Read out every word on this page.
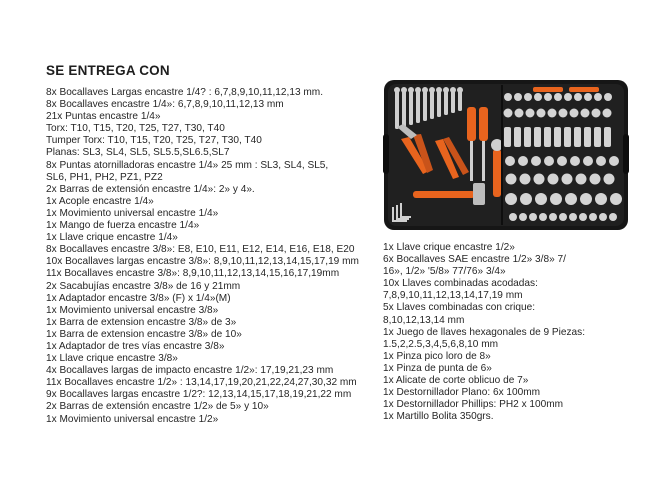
SE ENTREGA CON
8x Bocallaves Largas encastre 1/4? : 6,7,8,9,10,11,12,13 mm.
8x Bocallaves encastre 1/4»: 6,7,8,9,10,11,12,13 mm
21x Puntas encastre 1/4»
Torx: T10, T15, T20, T25, T27, T30, T40
Tumper Torx: T10, T15, T20, T25, T27, T30, T40
Planas: SL3, SL4, SL5, SL5.5,SL6.5,SL7
8x Puntas atornilladoras encastre 1/4» 25 mm : SL3, SL4, SL5,
SL6, PH1, PH2, PZ1, PZ2
2x Barras de extensión encastre 1/4»: 2» y 4».
1x Acople encastre 1/4»
1x Movimiento universal encastre 1/4»
1x Mango de fuerza encastre 1/4»
1x Llave crique encastre 1/4»
8x Bocallaves encastre 3/8»: E8, E10, E11, E12, E14, E16, E18, E20
10x Bocallaves largas encastre 3/8»: 8,9,10,11,12,13,14,15,17,19 mm
11x Bocallaves encastre 3/8»: 8,9,10,11,12,13,14,15,16,17,19mm
2x Sacabujías encastre 3/8» de 16 y 21mm
1x Adaptador encastre 3/8» (F) x 1/4»(M)
1x Movimiento universal encastre 3/8»
1x Barra de extension encastre 3/8» de 3»
1x Barra de extension encastre 3/8» de 10»
1x Adaptador de tres vías encastre 3/8»
1x Llave crique encastre 3/8»
4x Bocallaves largas de impacto encastre 1/2»: 17,19,21,23 mm
11x Bocallaves encastre 1/2» : 13,14,17,19,20,21,22,24,27,30,32 mm
9x Bocallaves largas encastre 1/2?: 12,13,14,15,17,18,19,21,22 mm
2x Barras de extensión encastre 1/2» de 5» y 10»
1x Movimiento universal encastre 1/2»
1x Llave crique encastre 1/2»
6x Bocallaves SAE encastre 1/2» 3/8» 7/
16», 1/2» '5/8» 77/76» 3/4»
10x Llaves combinadas acodadas:
7,8,9,10,11,12,13,14,17,19 mm
5x Llaves combinadas con crique:
8,10,12,13,14 mm
1x Juego de llaves hexagonales de 9 Piezas:
1.5,2,2.5,3,4,5,6,8,10 mm
1x Pinza pico loro de 8»
1x Pinza de punta de 6»
1x Alicate de corte oblicuo de 7»
1x Destornillador Plano: 6x 100mm
1x Destornillador Phillips: PH2 x 100mm
1x Martillo Bolita 350grs.
